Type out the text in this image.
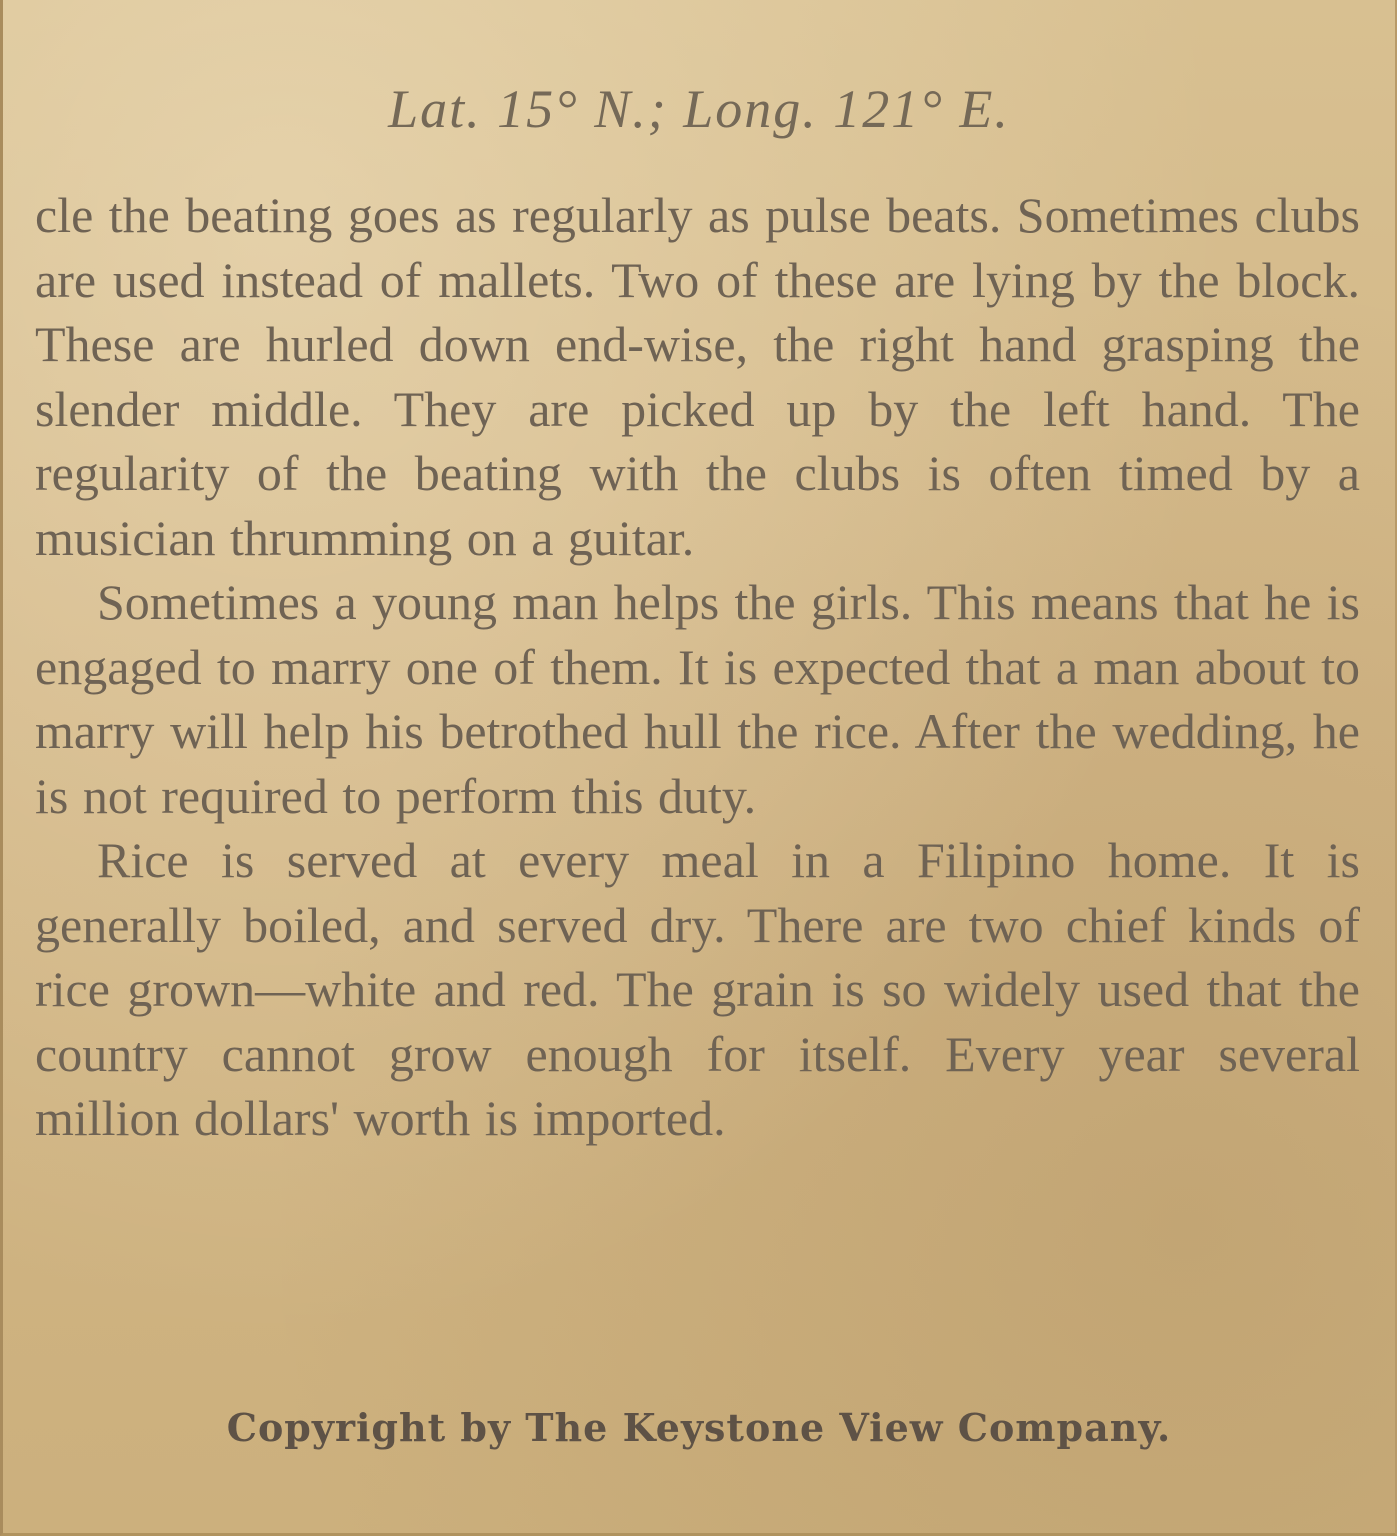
Lat. 15° N.; Long. 121° E.

cle the beating goes as regularly as pulse beats. Sometimes clubs are used instead of mallets. Two of these are lying by the block. These are hurled down end-wise, the right hand grasping the slender middle. They are picked up by the left hand. The regularity of the beating with the clubs is often timed by a musician thrumming on a guitar.

Sometimes a young man helps the girls. This means that he is engaged to marry one of them. It is expected that a man about to marry will help his betrothed hull the rice. After the wedding, he is not required to perform this duty.

Rice is served at every meal in a Filipino home. It is generally boiled, and served dry. There are two chief kinds of rice grown—white and red. The grain is so widely used that the country cannot grow enough for itself. Every year several million dollars' worth is imported.

Copyright by The Keystone View Company.
